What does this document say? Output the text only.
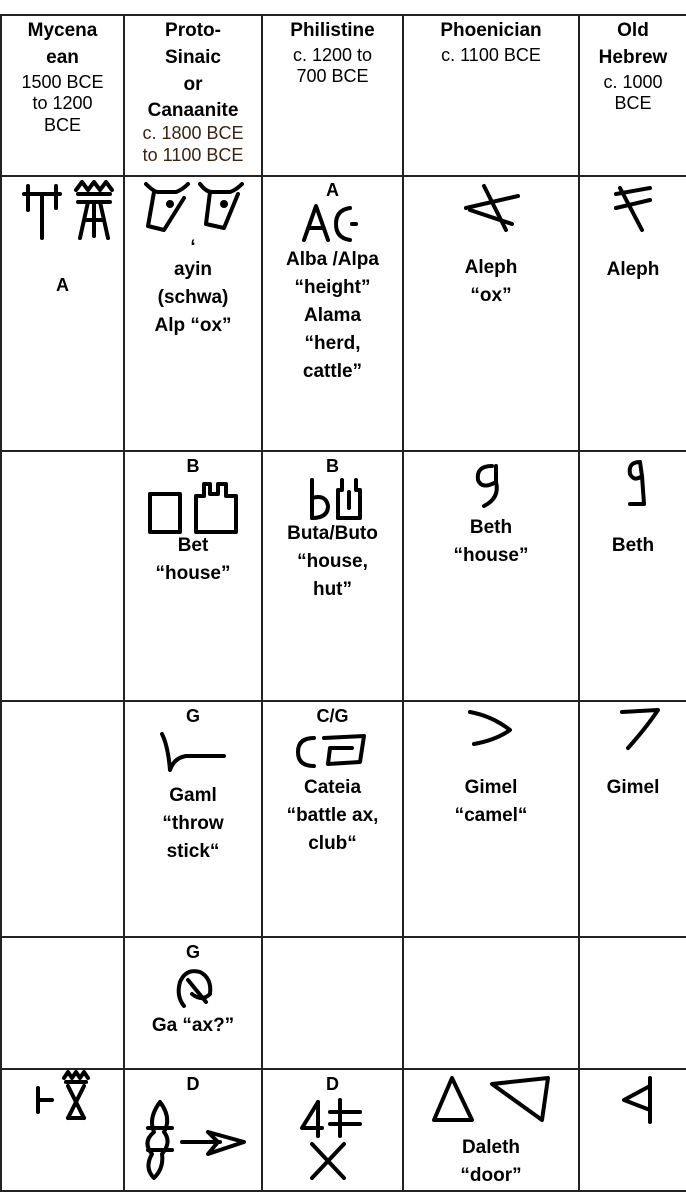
Mycena
ean
1500 BCE
to 1200
BCE
Proto-
Sinaic
or
Canaanite
c. 1800 BCE
to 1100 BCE
Philistine
c. 1200 to
700 BCE
Phoenician
c. 1100 BCE
Old
Hebrew
c. 1000
BCE
A
‘
ayin
(schwa)
Alp “ox”
A
Alba /Alpa
“height”
Alama
“herd,
cattle”
Aleph
“ox”
Aleph
B
Bet
“house”
B
Buta/Buto
“house,
hut”
Beth
“house”	Beth
G
Gaml
“throw
stick“
C/G
Cateia
“battle ax,
club“
Gimel
“camel“
Gimel
G
Ga “ax?”
D	D
Daleth
“door”
